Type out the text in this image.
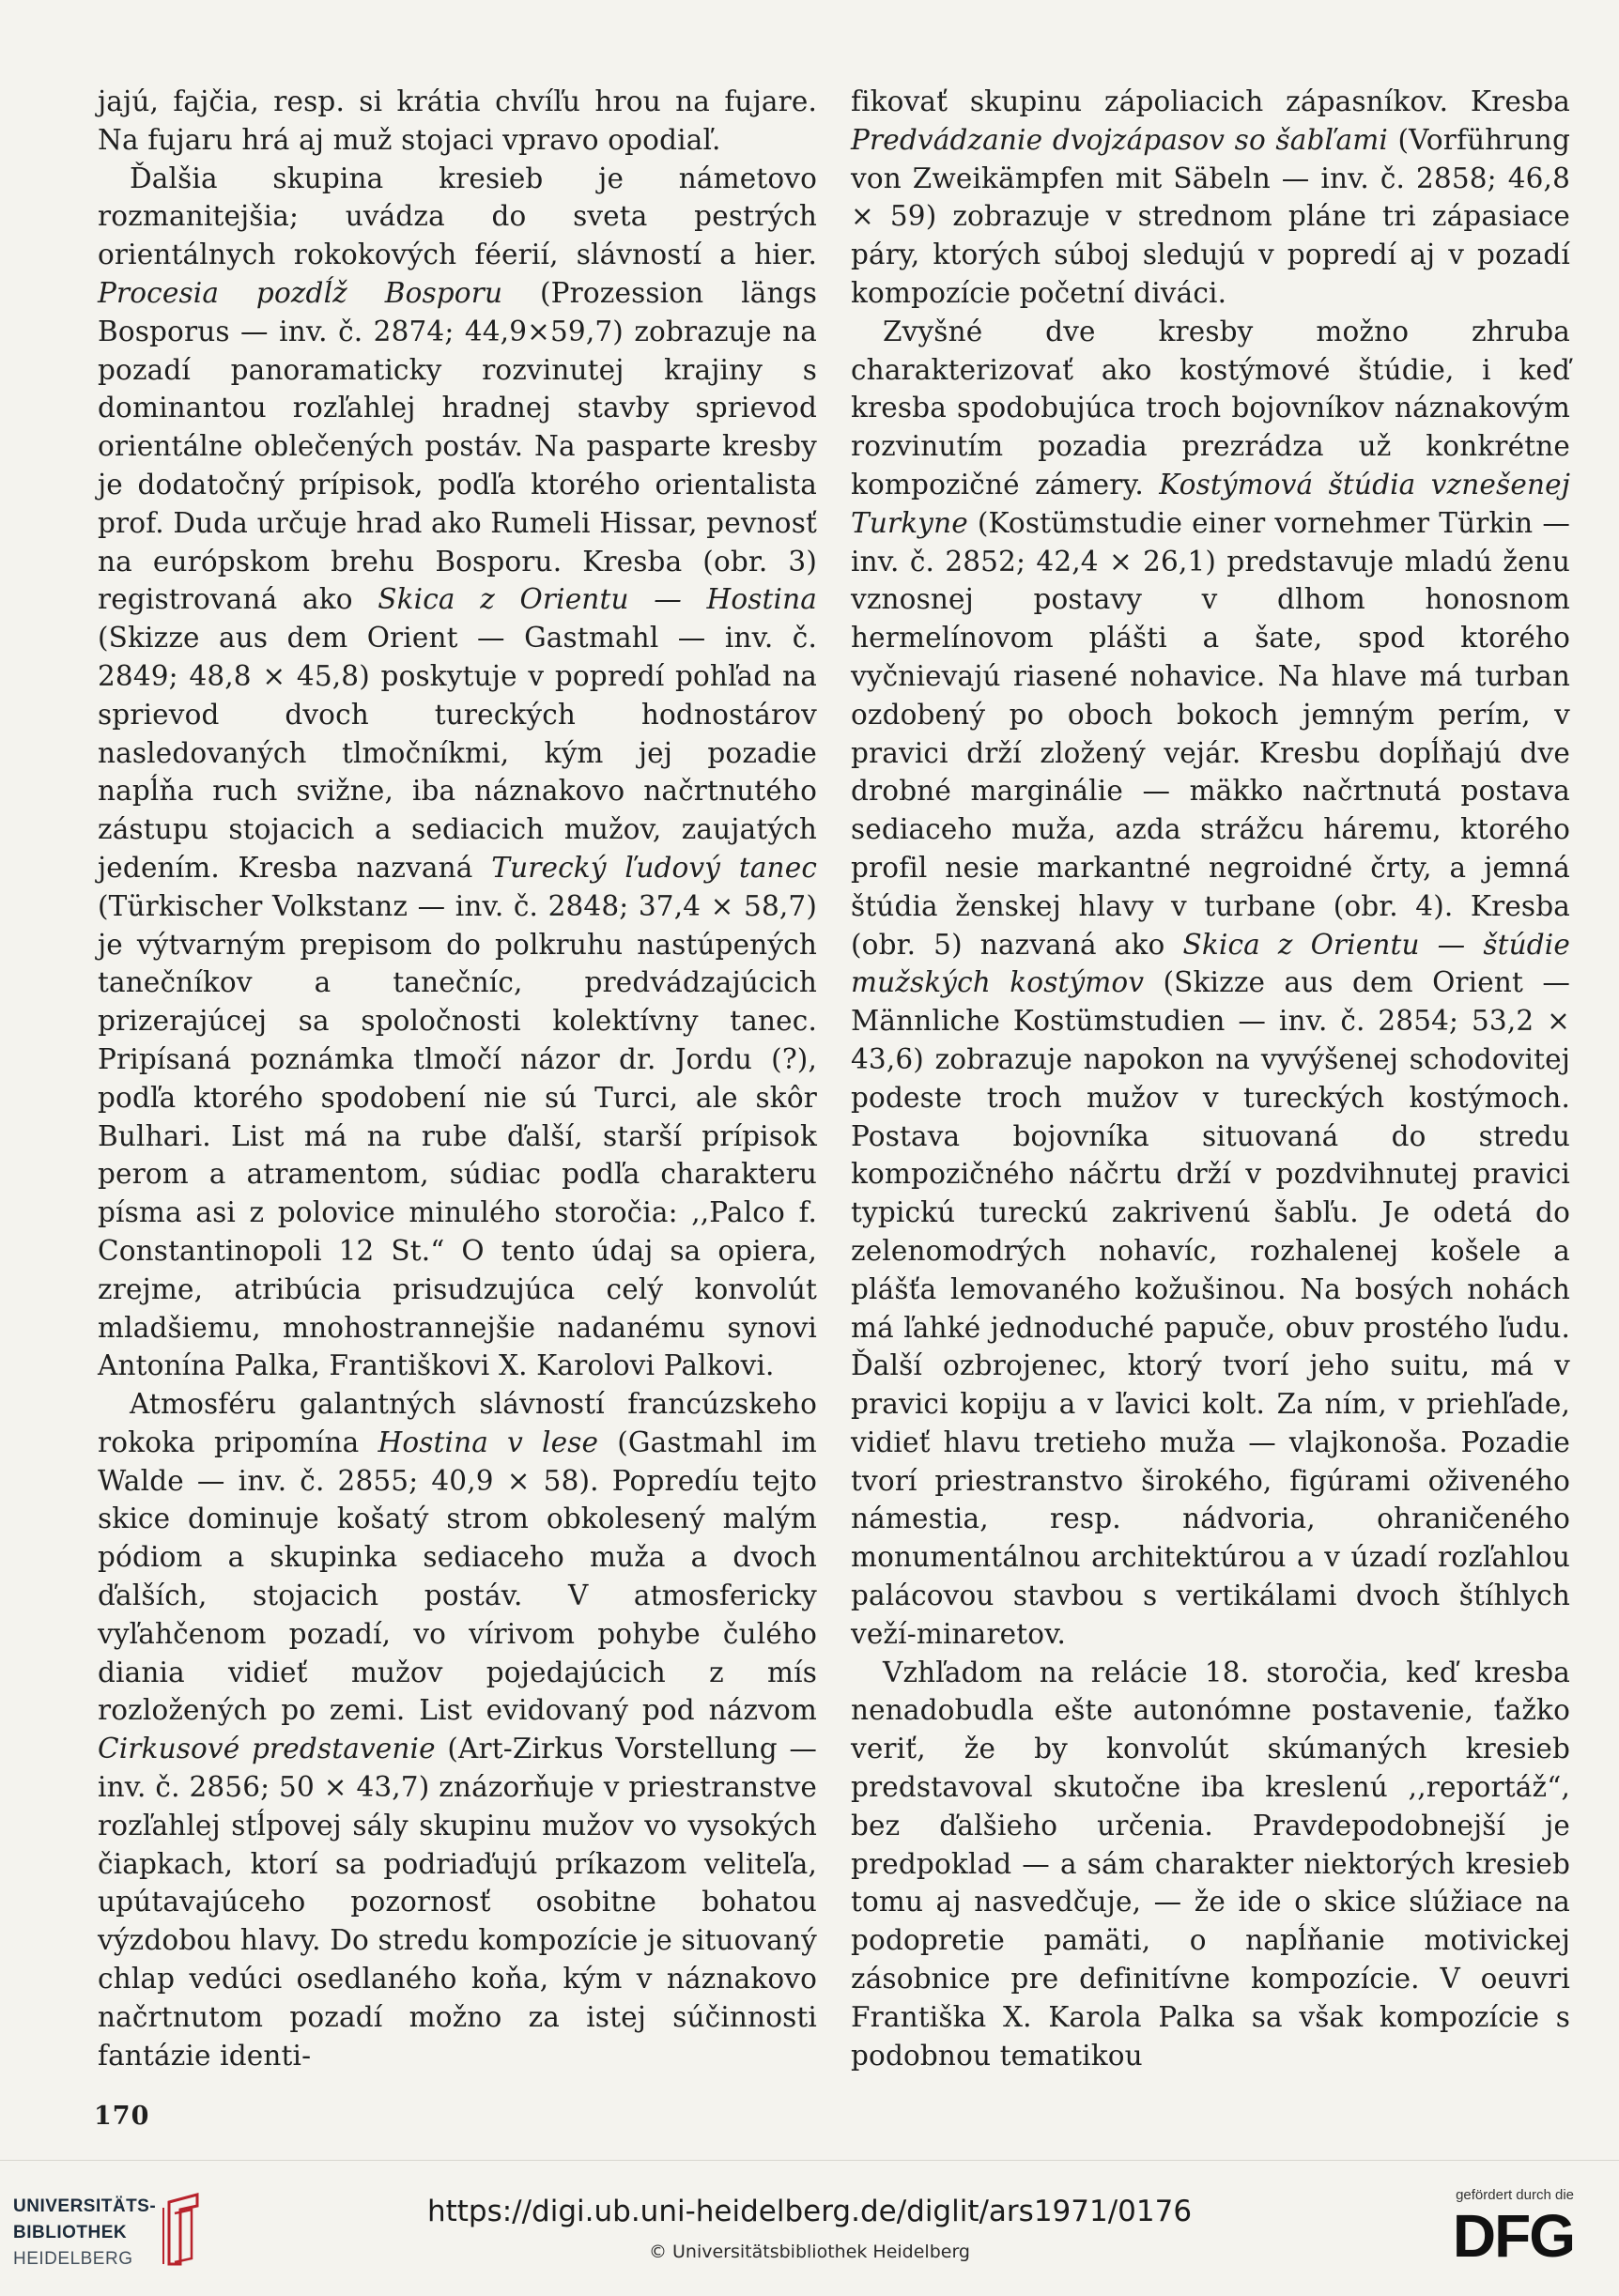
jajú, fajčia, resp. si krátia chvíľu hrou na fujare. Na fujaru hrá aj muž stojaci vpravo opodiaľ.

Ďalšia skupina kresieb je námetovo rozmanitejšia; uvádza do sveta pestrých orientálnych rokokových féerií, slávností a hier. Procesia pozdĺž Bosporu (Prozession längs Bosporus — inv. č. 2874; 44,9×59,7) zobrazuje na pozadí panoramaticky rozvinutej krajiny s dominantou rozľahlej hradnej stavby sprievod orientálne oblečených postáv. Na pasparte kresby je dodatočný prípisok, podľa ktorého orientalista prof. Duda určuje hrad ako Rumeli Hissar, pevnosť na európskom brehu Bosporu. Kresba (obr. 3) registrovaná ako Skica z Orientu — Hostina (Skizze aus dem Orient — Gastmahl — inv. č. 2849; 48,8 × 45,8) poskytuje v popredí pohľad na sprievod dvoch tureckých hodnostárov nasledovaných tlmočníkmi, kým jej pozadie napĺňa ruch svižne, iba náznakovo načrtnutého zástupu stojacich a sediacich mužov, zaujatých jedením. Kresba nazvaná Turecký ľudový tanec (Türkischer Volkstanz — inv. č. 2848; 37,4 × 58,7) je výtvarným prepisom do polkruhu nastúpených tanečníkov a tanečníc, predvádzajúcich prizerajúcej sa spoločnosti kolektívny tanec. Pripísaná poznámka tlmočí názor dr. Jordu (?), podľa ktorého spodobení nie sú Turci, ale skôr Bulhari. List má na rube ďalší, starší prípisok perom a atramentom, súdiac podľa charakteru písma asi z polovice minulého storočia: ,,Palco f. Constantinopoli 12 St.“ O tento údaj sa opiera, zrejme, atribúcia prisudzujúca celý konvolút mladšiemu, mnohostrannejšie nadanému synovi Antonína Palka, Františkovi X. Karolovi Palkovi.

Atmosféru galantných slávností francúzskeho rokoka pripomína Hostina v lese (Gastmahl im Walde — inv. č. 2855; 40,9 × 58). Popredíu tejto skice dominuje košatý strom obkolesený malým pódiom a skupinka sediaceho muža a dvoch ďalších, stojacich postáv. V atmosfericky vyľahčenom pozadí, vo vírivom pohybe čulého diania vidieť mužov pojedajúcich z mís rozložených po zemi. List evidovaný pod názvom Cirkusové predstavenie (Art-Zirkus Vorstellung — inv. č. 2856; 50 × 43,7) znázorňuje v priestranstve rozľahlej stĺpovej sály skupinu mužov vo vysokých čiapkach, ktorí sa podriaďujú príkazom veliteľa, upútavajúceho pozornosť osobitne bohatou výzdobou hlavy. Do stredu kompozície je situovaný chlap vedúci osedlaného koňa, kým v náznakovo načrtnutom pozadí možno za istej súčinnosti fantázie identi-

fikovať skupinu zápoliacich zápasníkov. Kresba Predvádzanie dvojzápasov so šabľami (Vorführung von Zweikämpfen mit Säbeln — inv. č. 2858; 46,8 × 59) zobrazuje v strednom pláne tri zápasiace páry, ktorých súboj sledujú v popredí aj v pozadí kompozície početní diváci.

Zvyšné dve kresby možno zhruba charakterizovať ako kostýmové štúdie, i keď kresba spodobujúca troch bojovníkov náznakovým rozvinutím pozadia prezrádza už konkrétne kompozičné zámery. Kostýmová štúdia vznešenej Turkyne (Kostümstudie einer vornehmer Türkin — inv. č. 2852; 42,4 × 26,1) predstavuje mladú ženu vznosnej postavy v dlhom honosnom hermelínovom plášti a šate, spod ktorého vyčnievajú riasené nohavice. Na hlave má turban ozdobený po oboch bokoch jemným perím, v pravici drží zložený vejár. Kresbu dopĺňajú dve drobné marginálie — mäkko načrtnutá postava sediaceho muža, azda strážcu háremu, ktorého profil nesie markantné negroidné črty, a jemná štúdia ženskej hlavy v turbane (obr. 4). Kresba (obr. 5) nazvaná ako Skica z Orientu — štúdie mužských kostýmov (Skizze aus dem Orient — Männliche Kostümstudien — inv. č. 2854; 53,2 × 43,6) zobrazuje napokon na vyvýšenej schodovitej podeste troch mužov v tureckých kostýmoch. Postava bojovníka situovaná do stredu kompozičného náčrtu drží v pozdvihnutej pravici typickú tureckú zakrivenú šabľu. Je odetá do zelenomodrých nohavíc, rozhalenej košele a plášťa lemovaného kožušinou. Na bosých nohách má ľahké jednoduché papuče, obuv prostého ľudu. Ďalší ozbrojenec, ktorý tvorí jeho suitu, má v pravici kopiju a v ľavici kolt. Za ním, v priehľade, vidieť hlavu tretieho muža — vlajkonoša. Pozadie tvorí priestranstvo širokého, figúrami oživeného námestia, resp. nádvoria, ohraničeného monumentálnou architektúrou a v úzadí rozľahlou palácovou stavbou s vertikálami dvoch štíhlych veží-minaretov.

Vzhľadom na relácie 18. storočia, keď kresba nenadobudla ešte autonómne postavenie, ťažko veriť, že by konvolút skúmaných kresieb predstavoval skutočne iba kreslenú ,,reportáž“, bez ďalšieho určenia. Pravdepodobnejší je predpoklad — a sám charakter niektorých kresieb tomu aj nasvedčuje, — že ide o skice slúžiace na podopretie pamäti, o napĺňanie motivickej zásobnice pre definitívne kompozície. V oeuvri Františka X. Karola Palka sa však kompozície s podobnou tematikou

170
UNIVERSITÄTS-
BIBLIOTHEK
HEIDELBERG
https://digi.ub.uni-heidelberg.de/diglit/ars1971/0176
© Universitätsbibliothek Heidelberg
gefördert durch die
DFG
